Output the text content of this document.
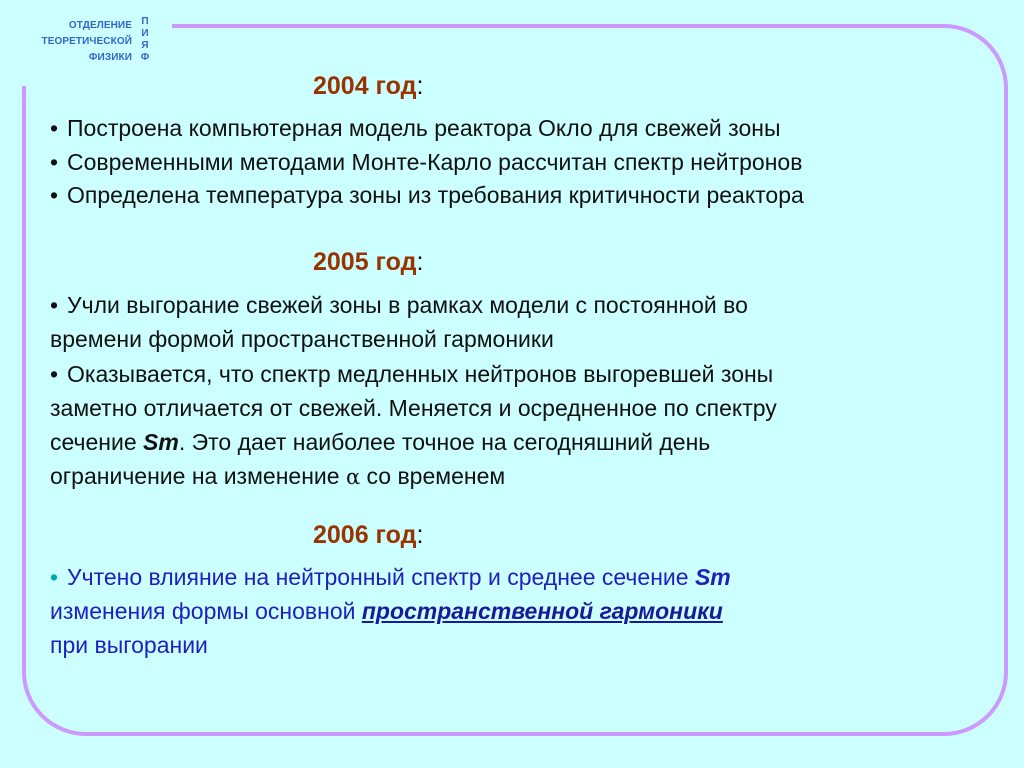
ОТДЕЛЕНИЕ
ТЕОРЕТИЧЕСКОЙ
ФИЗИКИ
П
И
Я
Ф
2004 год:
• Построена компьютерная модель реактора Окло для свежей зоны
• Современными методами Монте-Карло рассчитан спектр нейтронов
• Определена температура зоны из требования критичности реактора
2005 год:
• Учли выгорание свежей зоны в рамках модели с постоянной во
времени формой пространственной гармоники
• Оказывается, что спектр медленных нейтронов выгоревшей зоны
заметно отличается от свежей. Меняется и осредненное по спектру
сечение Sm. Это дает наиболее точное на сегодняшний день
ограничение на изменение α со временем
2006 год:
• Учтено влияние на нейтронный спектр и среднее сечение Sm
изменения формы основной пространственной гармоники
при выгорании
